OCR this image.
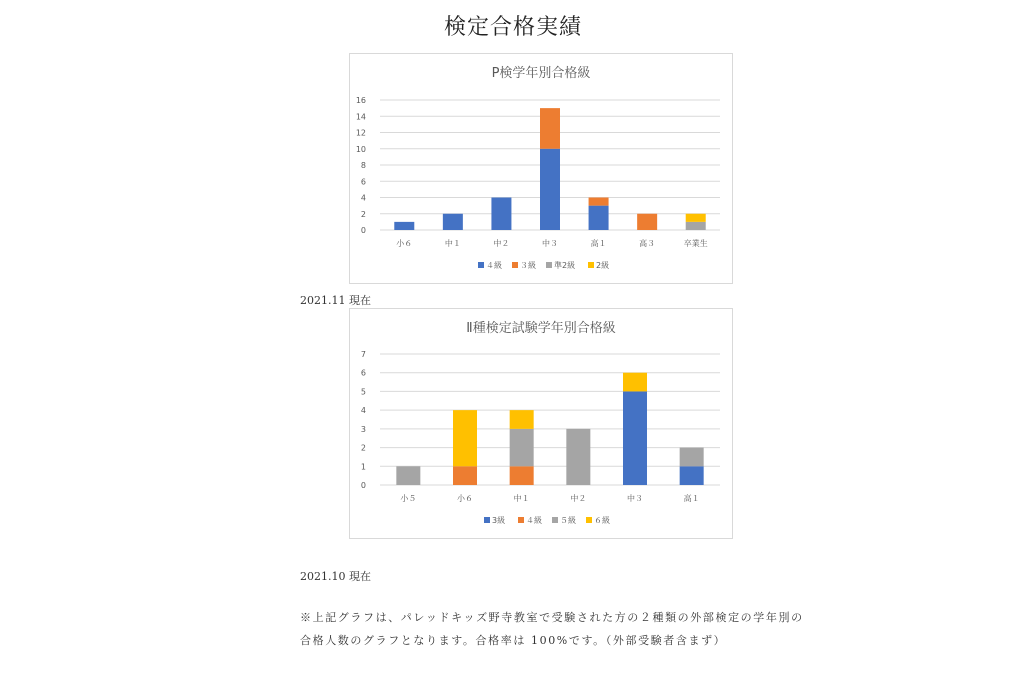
検定合格実績
P検学年別合格級
0
2
4
6
8
10
12
14
16
小６	中１	中２	中３	高１	高３	卒業生
４級 ３級 準2級	2級
2021.11 現在
Ⅱ種検定試験学年別合格級
0
1
2
3
4
5
6
7
小５	小６	中１	中２	中３	高１
3級	４級 ５級 ６級
2021.10 現在
※上記グラフは、パレッドキッズ野寺教室で受験された方の２種類の外部検定の学年別の
合格人数のグラフとなります。合格率は 100%です。（外部受験者含まず）
